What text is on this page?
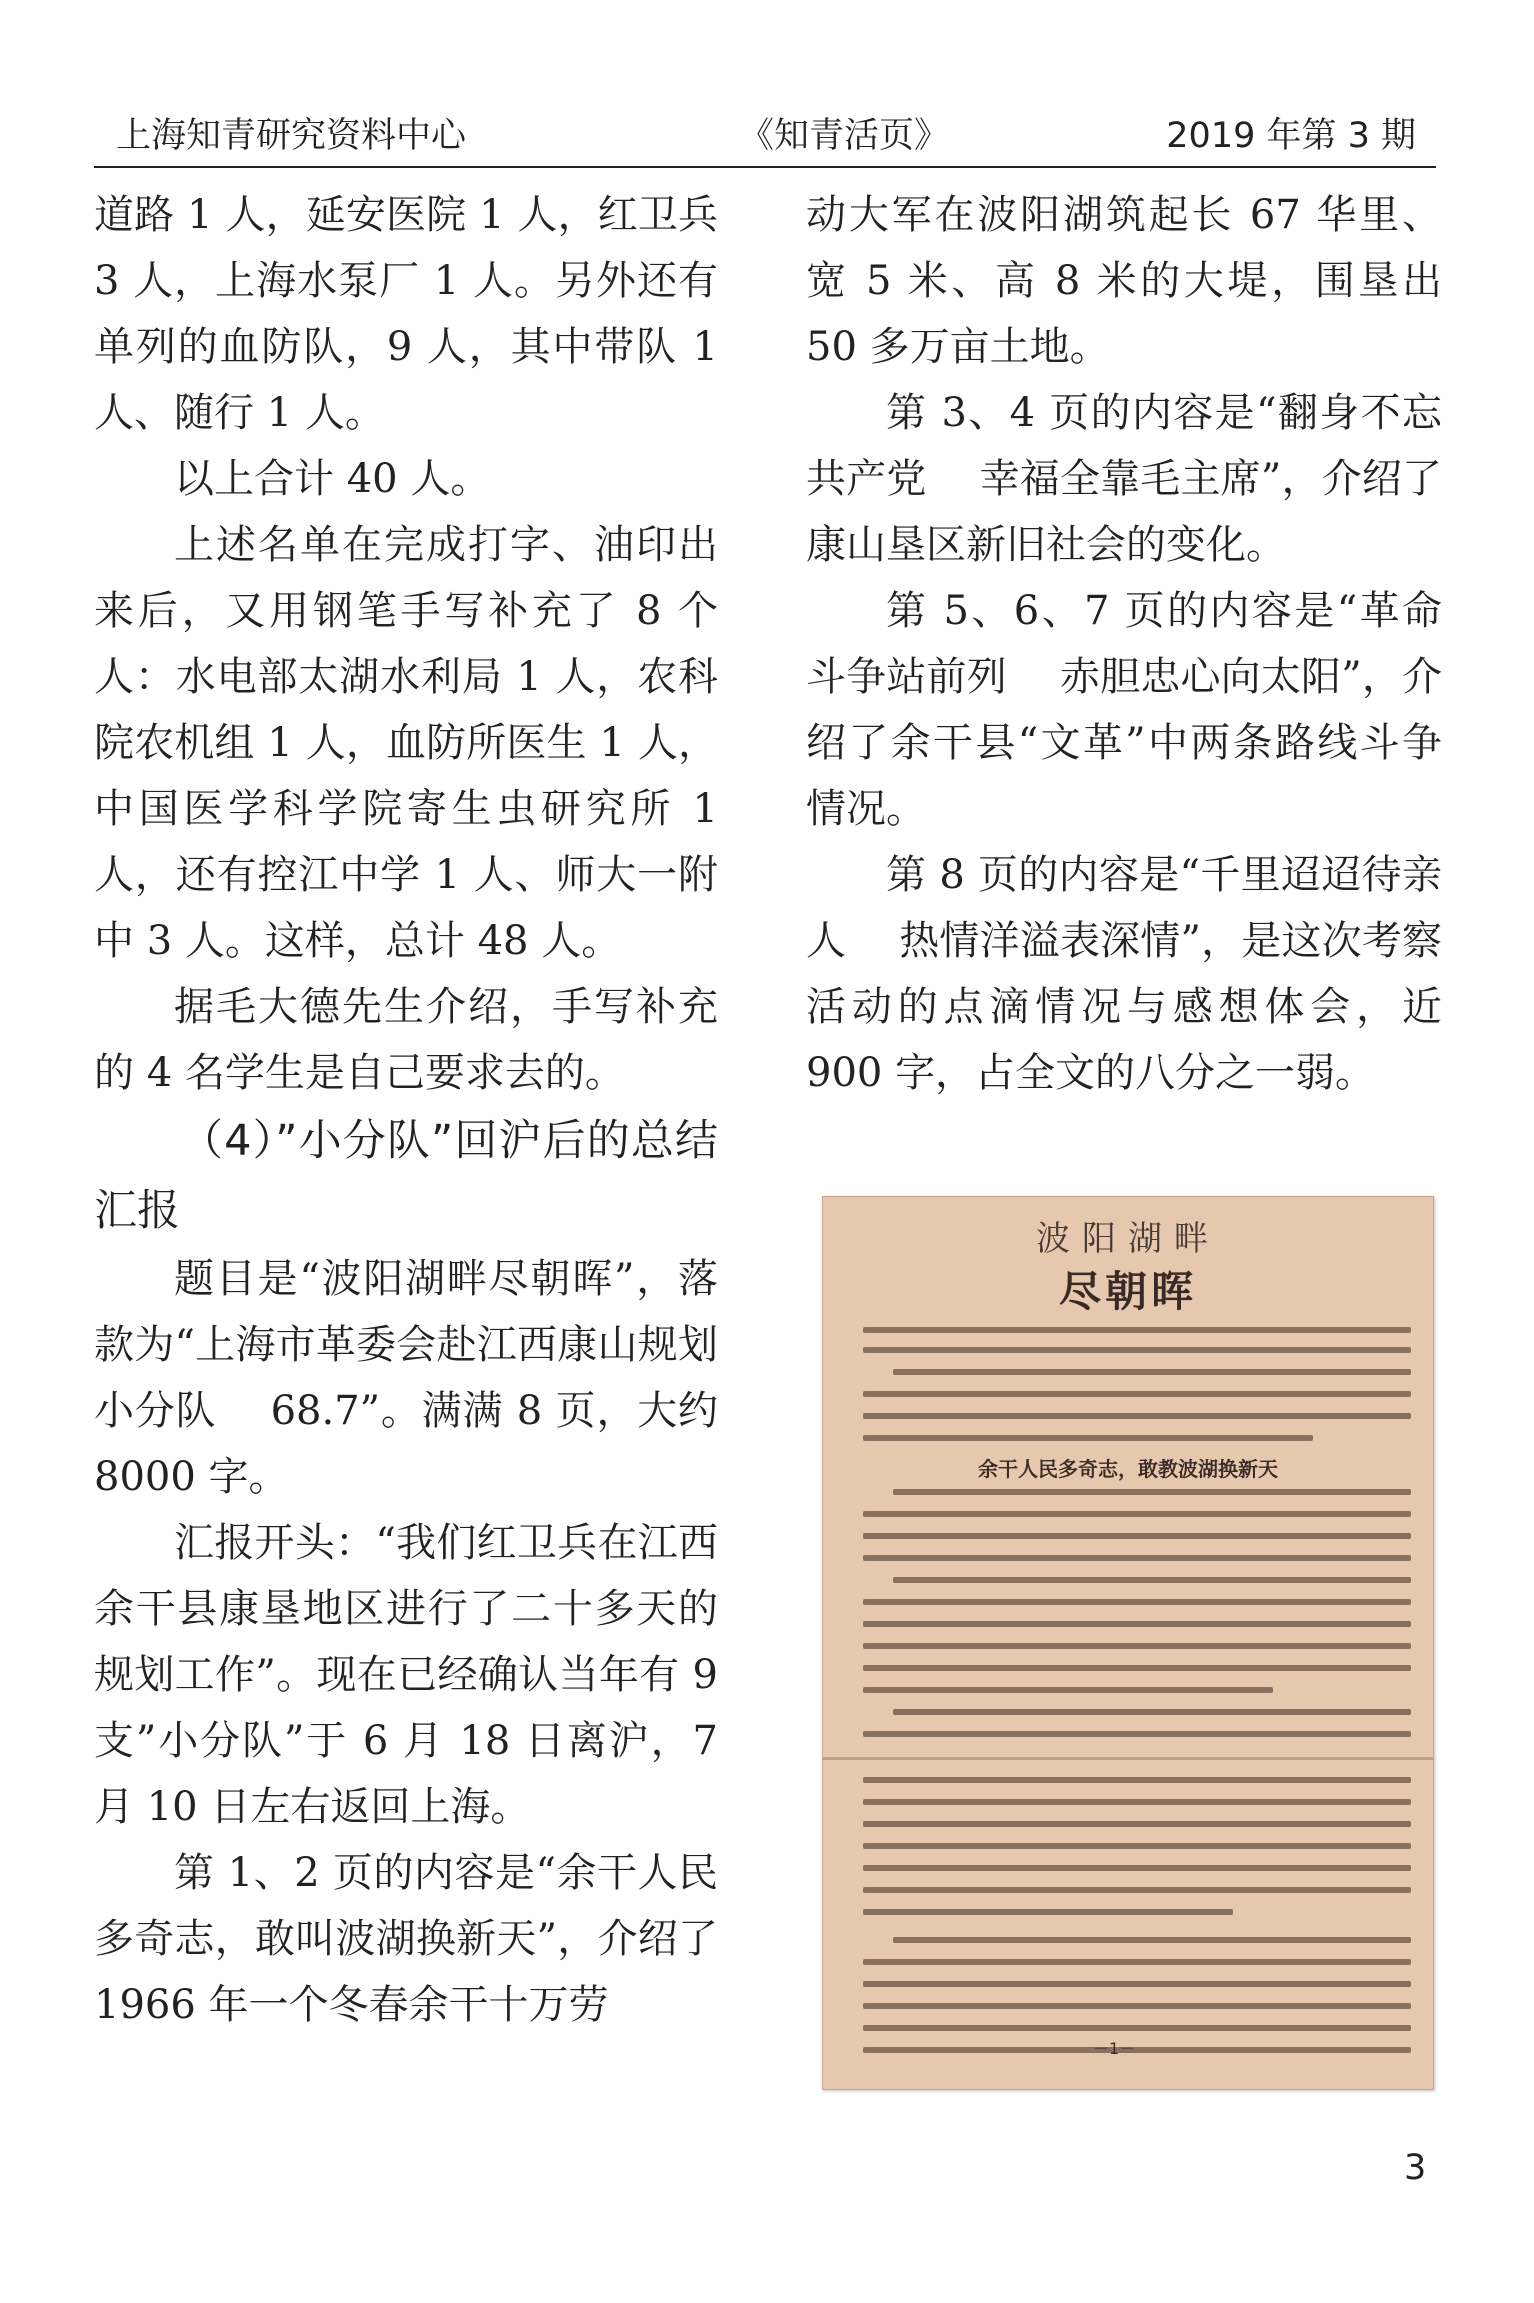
上海知青研究资料中心	《知青活页》	2019 年第 3 期

道路 1 人，延安医院 1 人，红卫兵 3 人，上海水泵厂 1 人。另外还有单列的血防队，9 人，其中带队 1 人、随行 1 人。

以上合计 40 人。

上述名单在完成打字、油印出来后，又用钢笔手写补充了 8 个人：水电部太湖水利局 1 人，农科院农机组 1 人，血防所医生 1 人，中国医学科学院寄生虫研究所 1 人，还有控江中学 1 人、师大一附中 3 人。这样，总计 48 人。

据毛大德先生介绍，手写补充的 4 名学生是自己要求去的。

（4）”小分队”回沪后的总结汇报

题目是“波阳湖畔尽朝晖”，落款为“上海市革委会赴江西康山规划小分队　 68.7”。满满 8 页，大约 8000 字。

汇报开头：“我们红卫兵在江西余干县康垦地区进行了二十多天的规划工作”。现在已经确认当年有 9 支”小分队”于 6 月 18 日离沪，7 月 10 日左右返回上海。

第 1、2 页的内容是“余干人民多奇志，敢叫波湖换新天”，介绍了 1966 年一个冬春余干十万劳

动大军在波阳湖筑起长 67 华里、宽 5 米、高 8 米的大堤，围垦出 50 多万亩土地。

第 3、4 页的内容是“翻身不忘共产党　 幸福全靠毛主席”，介绍了康山垦区新旧社会的变化。

第 5、6、7 页的内容是“革命斗争站前列　 赤胆忠心向太阳”，介绍了余干县“文革”中两条路线斗争情况。

第 8 页的内容是“千里迢迢待亲人　 热情洋溢表深情”，是这次考察活动的点滴情况与感想体会，近 900 字，占全文的八分之一弱。

波阳湖畔
尽朝晖
余干人民多奇志，敢教波湖换新天
－1－
3
